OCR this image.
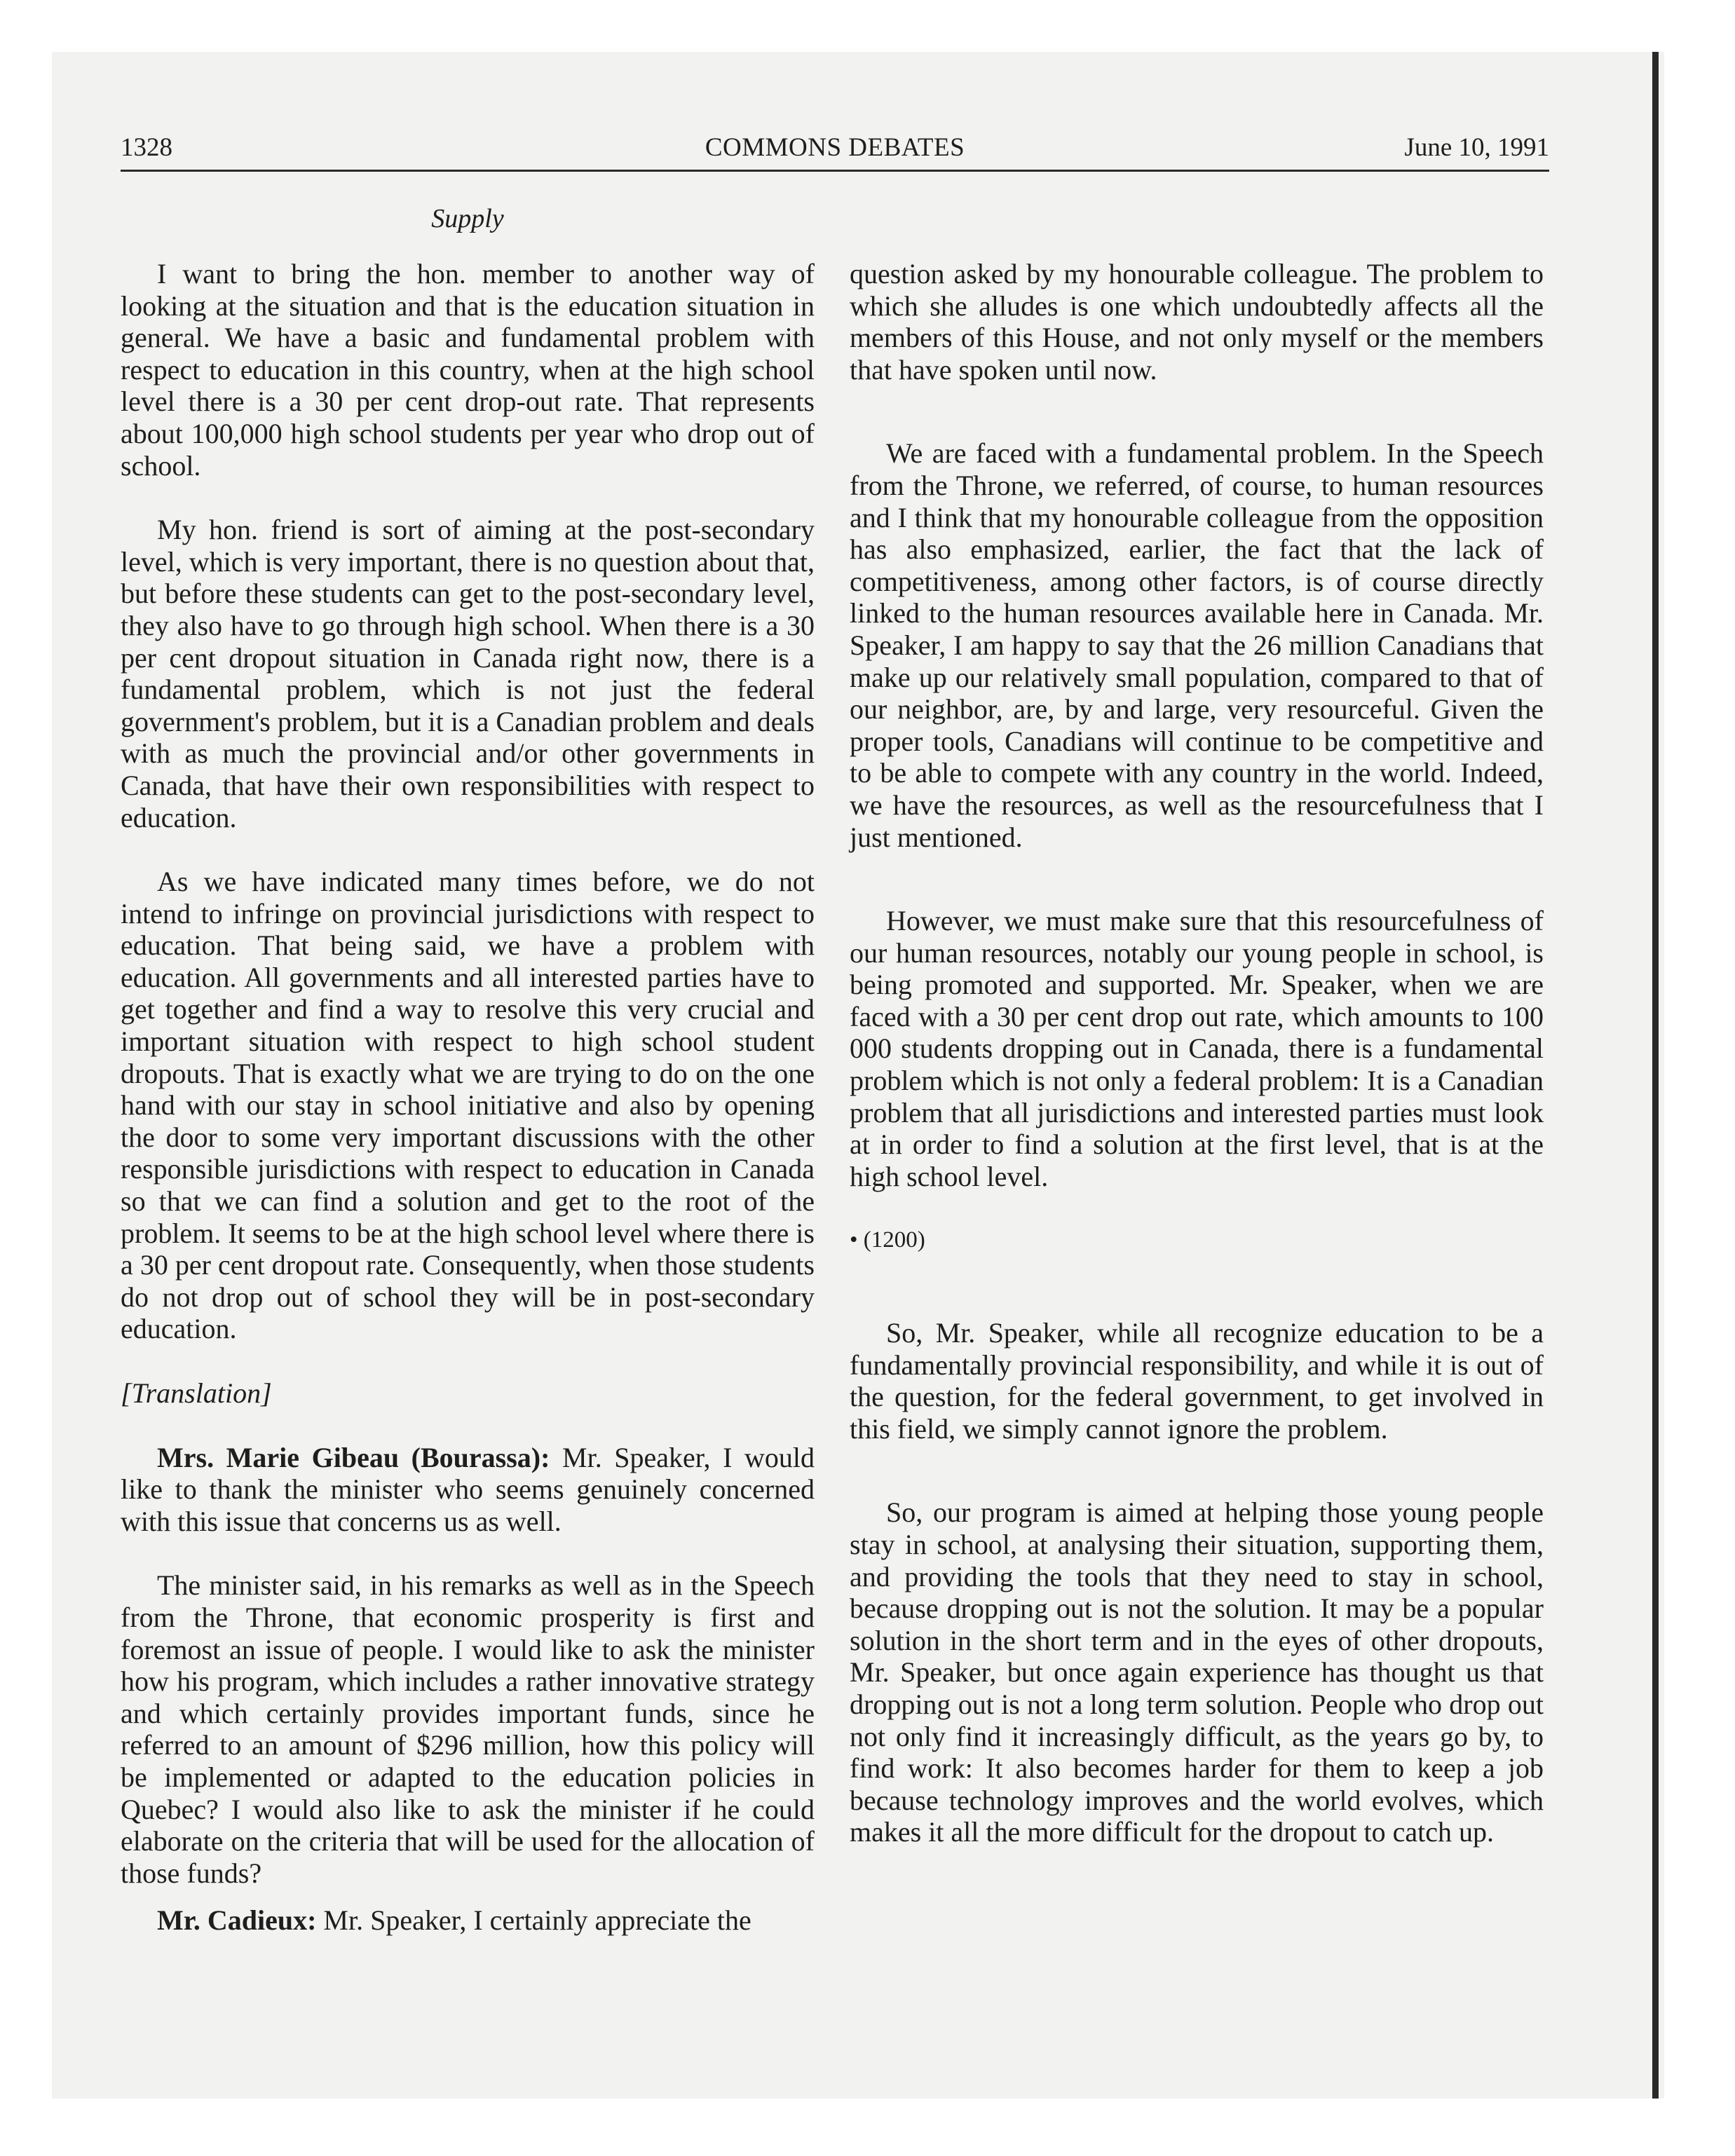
1328	COMMONS DEBATES	June 10, 1991
Supply

I want to bring the hon. member to another way of looking at the situation and that is the education situation in general. We have a basic and fundamental problem with respect to education in this country, when at the high school level there is a 30 per cent drop-out rate. That represents about 100,000 high school students per year who drop out of school.

My hon. friend is sort of aiming at the post-secondary level, which is very important, there is no question about that, but before these students can get to the post-secondary level, they also have to go through high school. When there is a 30 per cent dropout situation in Canada right now, there is a fundamental problem, which is not just the federal government's problem, but it is a Canadian problem and deals with as much the provincial and/or other governments in Canada, that have their own responsibilities with respect to education.

As we have indicated many times before, we do not intend to infringe on provincial jurisdictions with respect to education. That being said, we have a problem with education. All governments and all interested parties have to get together and find a way to resolve this very crucial and important situation with respect to high school student dropouts. That is exactly what we are trying to do on the one hand with our stay in school initiative and also by opening the door to some very important discussions with the other responsible jurisdictions with respect to education in Canada so that we can find a solution and get to the root of the problem. It seems to be at the high school level where there is a 30 per cent dropout rate. Consequently, when those students do not drop out of school they will be in post-secondary education.

[Translation]

Mrs. Marie Gibeau (Bourassa): Mr. Speaker, I would like to thank the minister who seems genuinely concerned with this issue that concerns us as well.

The minister said, in his remarks as well as in the Speech from the Throne, that economic prosperity is first and foremost an issue of people. I would like to ask the minister how his program, which includes a rather innovative strategy and which certainly provides important funds, since he referred to an amount of $296 million, how this policy will be implemented or adapted to the education policies in Quebec? I would also like to ask the minister if he could elaborate on the criteria that will be used for the allocation of those funds?

Mr. Cadieux: Mr. Speaker, I certainly appreciate the

question asked by my honourable colleague. The problem to which she alludes is one which undoubtedly affects all the members of this House, and not only myself or the members that have spoken until now.

We are faced with a fundamental problem. In the Speech from the Throne, we referred, of course, to human resources and I think that my honourable colleague from the opposition has also emphasized, earlier, the fact that the lack of competitiveness, among other factors, is of course directly linked to the human resources available here in Canada. Mr. Speaker, I am happy to say that the 26 million Canadians that make up our relatively small population, compared to that of our neighbor, are, by and large, very resourceful. Given the proper tools, Canadians will continue to be competitive and to be able to compete with any country in the world. Indeed, we have the resources, as well as the resourcefulness that I just mentioned.

However, we must make sure that this resourcefulness of our human resources, notably our young people in school, is being promoted and supported. Mr. Speaker, when we are faced with a 30 per cent drop out rate, which amounts to 100 000 students dropping out in Canada, there is a fundamental problem which is not only a federal problem: It is a Canadian problem that all jurisdictions and interested parties must look at in order to find a solution at the first level, that is at the high school level.

• (1200)

So, Mr. Speaker, while all recognize education to be a fundamentally provincial responsibility, and while it is out of the question, for the federal government, to get involved in this field, we simply cannot ignore the problem.

So, our program is aimed at helping those young people stay in school, at analysing their situation, supporting them, and providing the tools that they need to stay in school, because dropping out is not the solution. It may be a popular solution in the short term and in the eyes of other dropouts, Mr. Speaker, but once again experience has thought us that dropping out is not a long term solution. People who drop out not only find it increasingly difficult, as the years go by, to find work: It also becomes harder for them to keep a job because technology improves and the world evolves, which makes it all the more difficult for the dropout to catch up.
